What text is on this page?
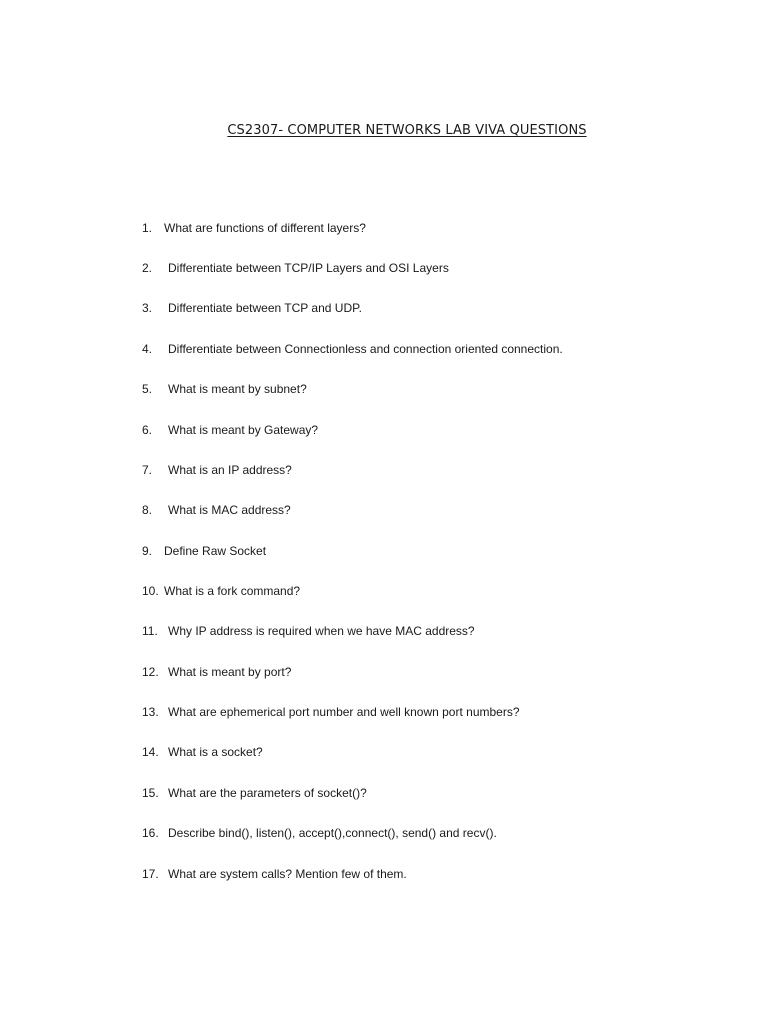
CS2307- COMPUTER NETWORKS LAB VIVA QUESTIONS
1. What are functions of different layers?
2.	Differentiate between TCP/IP Layers and OSI Layers
3.	Differentiate between TCP and UDP.
4.	Differentiate between Connectionless and connection oriented connection.
5.	What is meant by subnet?
6.	What is meant by Gateway?
7.	What is an IP address?
8.	What is MAC address?
9. Define Raw Socket
10. What is a fork command?
11. Why IP address is required when we have MAC address?
12. What is meant by port?
13. What are ephemerical port number and well known port numbers?
14. What is a socket?
15. What are the parameters of socket()?
16. Describe bind(), listen(), accept(),connect(), send() and recv().
17. What are system calls? Mention few of them.
